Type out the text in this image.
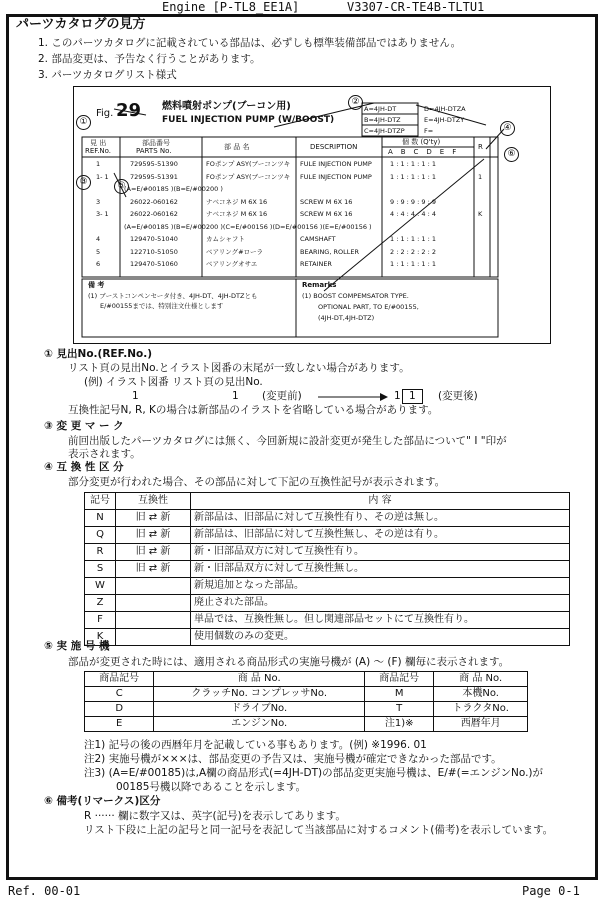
Engine [P-TL8_EE1A]	V3307-CR-TE4B-TLTU1
パーツカタログの見方
1. このパーツカタログに記載されている部品は、必ずしも標準装備部品ではありません。
2. 部品変更は、予告なく行うことがあります。
3. パーツカタログリスト様式
Fig. 29 燃料噴射ポンプ(ブーコン用)
FUEL INJECTION PUMP (W/BOOST)
A=4JH-DT	D=4JH-DTZA
B=4JH-DTZ	E=4JH-DTZY
C=4JH-DTZP	F=
①
②
③
④
⑤
⑥
見 出
REF.No.
部品番号
PARTS No.	部 品 名	DESCRIPTION
個 数 (Q'ty)
R
ABCDEF
1	729595-51390	FOポンプ ASY(ブーコンツキ FULE INJECTION PUMP	1 : 1 : 1 : 1 : 1
1- 1	729595-51391	FOポンプ ASY(ブーコンツキ FULE INJECTION PUMP	1 : 1 : 1 : 1 : 1	1
(A=E/#00185 )(B=E/#00200 )
3	26022-060162	ナベコネジ M 6X 16	SCREW M 6X 16	9 : 9 : 9 : 9 : 9
3- 1	26022-060162	ナベコネジ M 6X 16	SCREW M 6X 16	4 : 4 : 4 : 4 : 4	K
(A=E/#00185 )(B=E/#00200 )(C=E/#00156 )(D=E/#00156 )(E=E/#00156 )
4	129470-51040	カムシャフト	CAMSHAFT	1 : 1 : 1 : 1 : 1
5	122710-51050	ベアリング#ローラ	BEARING, ROLLER	2 : 2 : 2 : 2 : 2
6	129470-51060	ベアリングオサエ	RETAINER	1 : 1 : 1 : 1 : 1
備 考
(1) ブーストコンペンセータ付き、4JH-DT、4JH-DTZとも
E/#00155までは、特別注文仕様とします
Remarks
(1) BOOST COMPEMSATOR TYPE.
OPTIONAL PART, TO E/#00155,
(4JH-DT,4JH-DTZ)
① 見出No.(REF.No.)
リスト頁の見出No.とイラスト図番の末尾が一致しない場合があります。
(例) イラスト図番 リスト頁の見出No.
1	1 (変更前)	1 1	(変更後)
互換性記号N, R, Kの場合は新部品のイラストを省略している場合があります。
③ 変 更 マ ー ク
前回出版したパーツカタログには無く、今回新規に設計変更が発生した部品について" I "印が
表示されます。
④ 互 換 性 区 分
部分変更が行われた場合、その部品に対して下記の互換性記号が表示されます。
記号	互換性	内 容
N	旧 ⇄ 新	新部品は、旧部品に対して互換性有り、その逆は無し。
Q	旧 ⇄ 新	新部品は、旧部品に対して互換性無し、その逆は有り。
R	旧 ⇄ 新	新・旧部品双方に対して互換性有り。
S	旧 ⇄ 新	新・旧部品双方に対して互換性無し。
W		新規追加となった部品。
Z		廃止された部品。
F		単品では、互換性無し。但し関連部品セットにて互換性有り。
K		使用個数のみの変更。
⑤ 実 施 号 機
部品が変更された時には、適用される商品形式の実施号機が (A) 〜 (F) 欄毎に表示されます。
商品記号	商 品 No.	商品記号	商 品 No.
C	クラッチNo. コンプレッサNo.	M	本機No.
D	ドライブNo.	T	トラクタNo.
E	エンジンNo.	注1)※	西暦年月
注1) 記号の後の西暦年月を記載している事もあります。(例) ※1996. 01
注2) 実施号機が×××は、部品変更の予告又は、実施号機が確定できなかった部品です。
注3) (A=E/#00185)は,A欄の商品形式(=4JH-DT)の部品変更実施号機は、E/#(=エンジンNo.)が
00185号機以降であることを示します。
⑥ 備考(リマークス)区分
R ······ 欄に数字又は、英字(記号)を表示してあります。
リスト下段に上記の記号と同一記号を表記して当該部品に対するコメント(備考)を表示しています。
Ref. 00-01	Page 0-1
